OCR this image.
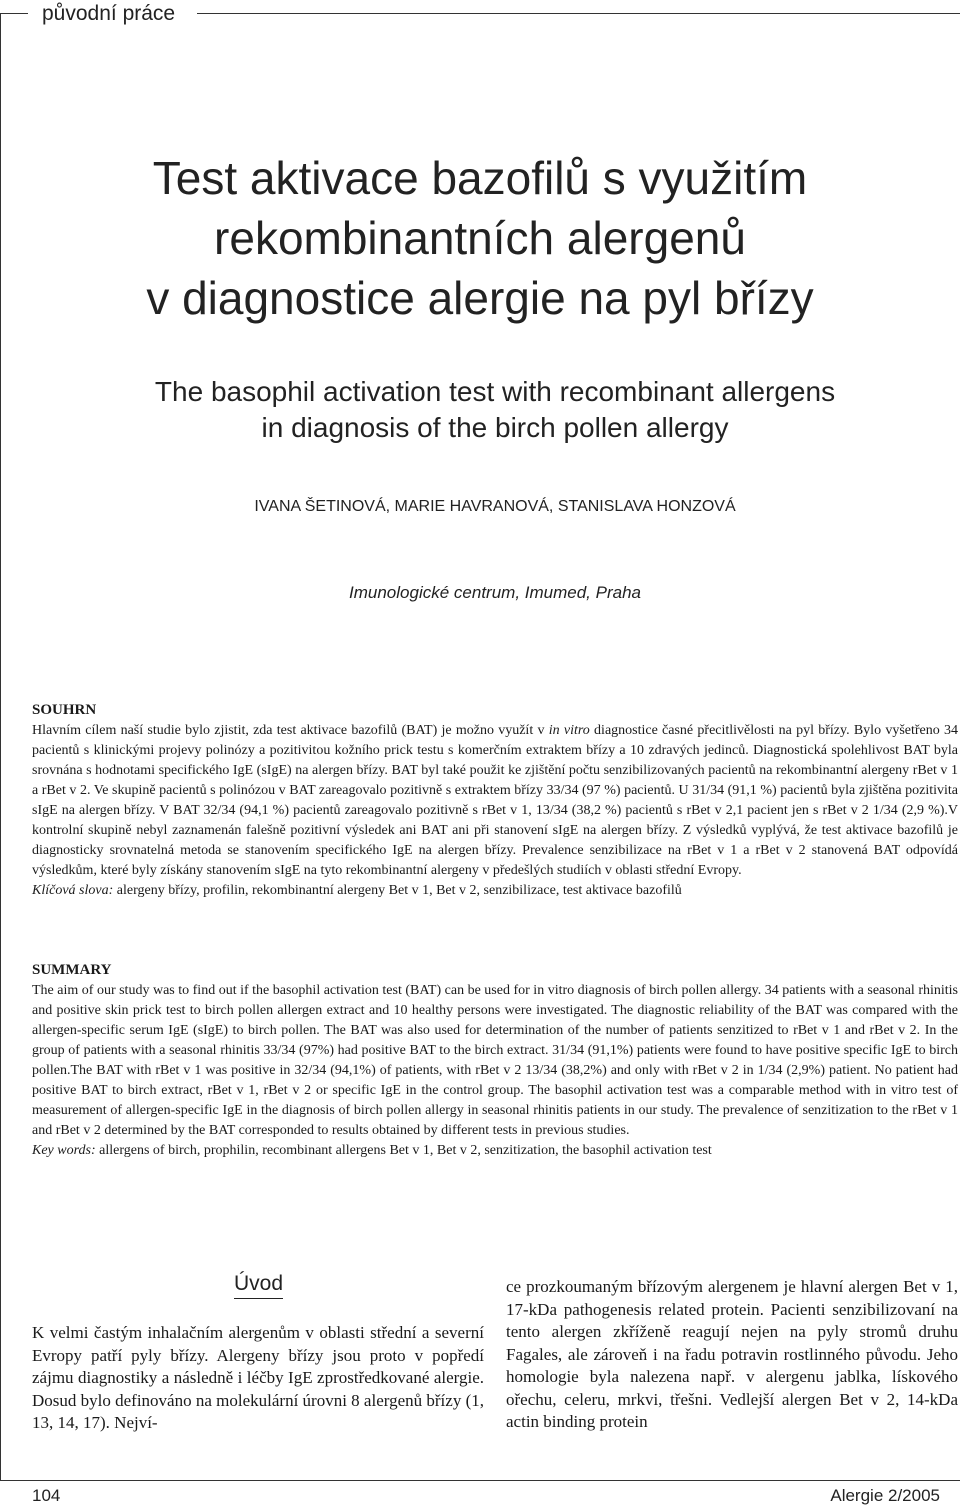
původní práce
Test aktivace bazofilů s využitím
rekombinantních alergenů
v diagnostice alergie na pyl břízy
The basophil activation test with recombinant allergens
in diagnosis of the birch pollen allergy
IVANA ŠETINOVÁ, MARIE HAVRANOVÁ, STANISLAVA HONZOVÁ
Imunologické centrum, Imumed, Praha
SOUHRN

Hlavním cílem naší studie bylo zjistit, zda test aktivace bazofilů (BAT) je možno využít v in vitro diagnostice časné přecitlivělosti na pyl břízy. Bylo vyšetřeno 34 pacientů s klinickými projevy polinózy a pozitivitou kožního prick testu s komerčním extraktem břízy a 10 zdravých jedinců. Diagnostická spolehlivost BAT byla srovnána s hodnotami specifického IgE (sIgE) na alergen břízy. BAT byl také použit ke zjištění počtu senzibilizovaných pacientů na rekombinantní alergeny rBet v 1 a rBet v 2. Ve skupině pacientů s polinózou v BAT zareagovalo pozitivně s extraktem břízy 33/34 (97 %) pacientů. U 31/34 (91,1 %) pacientů byla zjištěna pozitivita sIgE na alergen břízy. V BAT 32/34 (94,1 %) pacientů zareagovalo pozitivně s rBet v 1, 13/34 (38,2 %) pacientů s rBet v 2,1 pacient jen s rBet v 2 1/34 (2,9 %).V kontrolní skupině nebyl zaznamenán falešně pozitivní výsledek ani BAT ani při stanovení sIgE na alergen břízy. Z výsledků vyplývá, že test aktivace bazofilů je diagnosticky srovnatelná metoda se stanovením specifického IgE na alergen břízy. Prevalence senzibilizace na rBet v 1 a rBet v 2 stanovená BAT odpovídá výsledkům, které byly získány stanovením sIgE na tyto rekombinantní alergeny v předešlých studiích v oblasti střední Evropy.

Klíčová slova: alergeny břízy, profilin, rekombinantní alergeny Bet v 1, Bet v 2, senzibilizace, test aktivace bazofilů

SUMMARY

The aim of our study was to find out if the basophil activation test (BAT) can be used for in vitro diagnosis of birch pollen allergy. 34 patients with a seasonal rhinitis and positive skin prick test to birch pollen allergen extract and 10 healthy persons were investigated. The diagnostic reliability of the BAT was compared with the allergen-specific serum IgE (sIgE) to birch pollen. The BAT was also used for determination of the number of patients senzitized to rBet v 1 and rBet v 2. In the group of patients with a seasonal rhinitis 33/34 (97%) had positive BAT to the birch extract. 31/34 (91,1%) patients were found to have positive specific IgE to birch pollen.The BAT with rBet v 1 was positive in 32/34 (94,1%) of patients, with rBet v 2 13/34 (38,2%) and only with rBet v 2 in 1/34 (2,9%) patient. No patient had positive BAT to birch extract, rBet v 1, rBet v 2 or specific IgE in the control group. The basophil activation test was a comparable method with in vitro test of measurement of allergen-specific IgE in the diagnosis of birch pollen allergy in seasonal rhinitis patients in our study. The prevalence of senzitization to the rBet v 1 and rBet v 2 determined by the BAT corresponded to results obtained by different tests in previous studies.

Key words: allergens of birch, prophilin, recombinant allergens Bet v 1, Bet v 2, senzitization, the basophil activation test

Úvod

K velmi častým inhalačním alergenům v oblasti střední a severní Evropy patří pyly břízy. Alergeny břízy jsou proto v popředí zájmu diagnostiky a následně i léčby IgE zprostředkované alergie. Dosud bylo definováno na molekulární úrovni 8 alergenů břízy (1, 13, 14, 17). Nejví-

ce prozkoumaným břízovým alergenem je hlavní alergen Bet v 1, 17-kDa pathogenesis related protein. Pacienti senzibilizovaní na tento alergen zkříženě reagují nejen na pyly stromů druhu Fagales, ale zároveň i na řadu potravin rostlinného původu. Jeho homologie byla nalezena např. v alergenu jablka, lískového ořechu, celeru, mrkvi, třešni. Vedlejší alergen Bet v 2, 14-kDa actin binding protein

104	Alergie 2/2005
